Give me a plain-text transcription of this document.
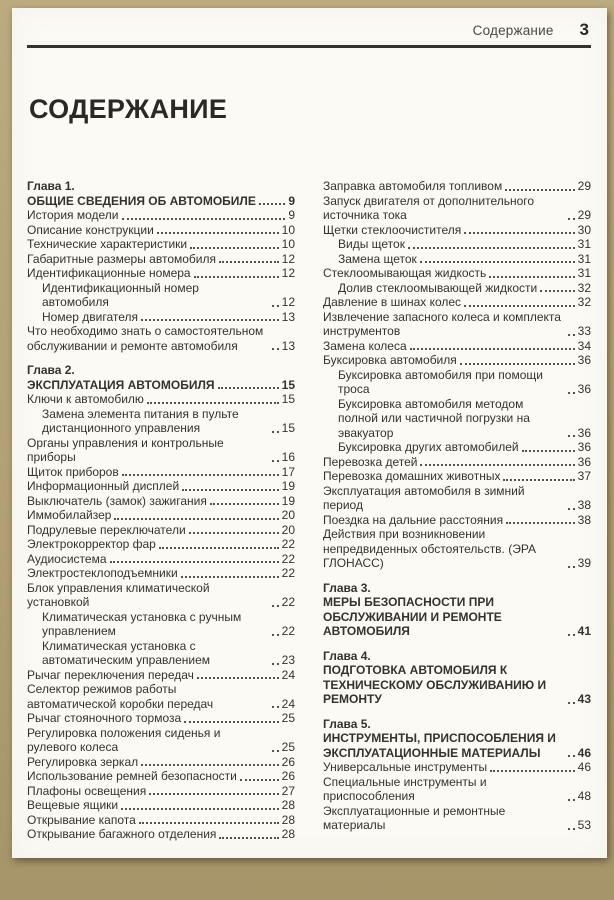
Содержание 3
СОДЕРЖАНИЕ
Глава 1.
ОБЩИЕ СВЕДЕНИЯ ОБ АВТОМОБИЛЕ	9
История модели	9
Описание конструкции	10
Технические характеристики	10
Габаритные размеры автомобиля	12
Идентификационные номера	12
Идентификационный номер автомобиля	12
Номер двигателя	13
Что необходимо знать о самостоятельном обслуживании и ремонте автомобиля	13
Глава 2.
ЭКСПЛУАТАЦИЯ АВТОМОБИЛЯ	15
Ключи к автомобилю	15
Замена элемента питания в пульте дистанционного управления	15
Органы управления и контрольные приборы	16
Щиток приборов	17
Информационный дисплей	19
Выключатель (замок) зажигания	19
Иммобилайзер	20
Подрулевые переключатели	20
Электрокорректор фар	22
Аудиосистема	22
Электростеклоподъемники	22
Блок управления климатической установкой	22
Климатическая установка с ручным управлением	22
Климатическая установка с автоматическим управлением	23
Рычаг переключения передач	24
Селектор режимов работы автоматической коробки передач	24
Рычаг стояночного тормоза	25
Регулировка положения сиденья и рулевого колеса	25
Регулировка зеркал	26
Использование ремней безопасности	26
Плафоны освещения	27
Вещевые ящики	28
Открывание капота	28
Открывание багажного отделения	28
Заправка автомобиля топливом	29
Запуск двигателя от дополнительного источника тока	29
Щетки стеклоочистителя	30
Виды щеток	31
Замена щеток	31
Стеклоомывающая жидкость	31
Долив стеклоомывающей жидкости	32
Давление в шинах колес	32
Извлечение запасного колеса и комплекта инструментов	33
Замена колеса	34
Буксировка автомобиля	36
Буксировка автомобиля при помощи троса	36
Буксировка автомобиля методом полной или частичной погрузки на эвакуатор	36
Буксировка других автомобилей	36
Перевозка детей	36
Перевозка домашних животных	37
Эксплуатация автомобиля в зимний период	38
Поездка на дальние расстояния	38
Действия при возникновении непредвиденных обстоятельств. (ЭРА ГЛОНАСС)	39
Глава 3.
МЕРЫ БЕЗОПАСНОСТИ ПРИ ОБСЛУЖИВАНИИ И РЕМОНТЕ АВТОМОБИЛЯ	41
Глава 4.
ПОДГОТОВКА АВТОМОБИЛЯ К ТЕХНИЧЕСКОМУ ОБСЛУЖИВАНИЮ И РЕМОНТУ	43
Глава 5.
ИНСТРУМЕНТЫ, ПРИСПОСОБЛЕНИЯ И ЭКСПЛУАТАЦИОННЫЕ МАТЕРИАЛЫ	46
Универсальные инструменты	46
Специальные инструменты и приспособления	48
Эксплуатационные и ремонтные материалы	53
